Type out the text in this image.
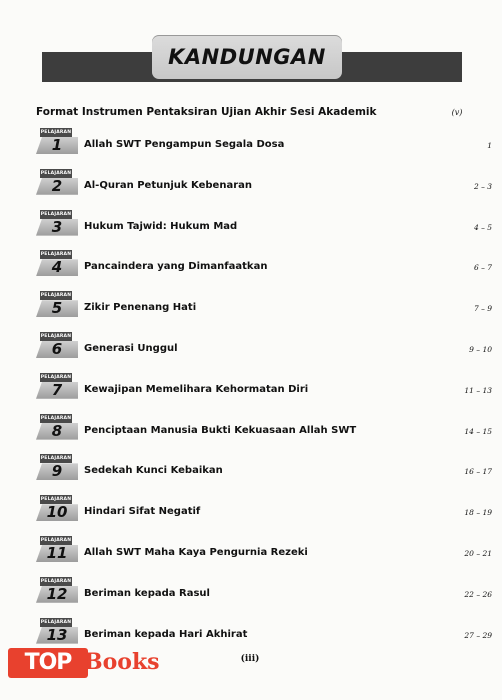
KANDUNGAN
Format Instrumen Pentaksiran Ujian Akhir Sesi Akademik	(v)
PELAJARAN
1	Allah SWT Pengampun Segala Dosa	1
PELAJARAN
2	Al-Quran Petunjuk Kebenaran	2 – 3
PELAJARAN
3	Hukum Tajwid: Hukum Mad	4 – 5
PELAJARAN
4	Pancaindera yang Dimanfaatkan	6 – 7
PELAJARAN
5	Zikir Penenang Hati	7 – 9
PELAJARAN
6	Generasi Unggul	9 – 10
PELAJARAN
7	Kewajipan Memelihara Kehormatan Diri	11 – 13
PELAJARAN
8	Penciptaan Manusia Bukti Kekuasaan Allah SWT	14 – 15
PELAJARAN
9	Sedekah Kunci Kebaikan	16 – 17
PELAJARAN
10	Hindari Sifat Negatif	18 – 19
PELAJARAN
11	Allah SWT Maha Kaya Pengurnia Rezeki	20 – 21
PELAJARAN
12	Beriman kepada Rasul	22 – 26
PELAJARAN
13	Beriman kepada Hari Akhirat	27 – 29
TOP Books	(iii)
